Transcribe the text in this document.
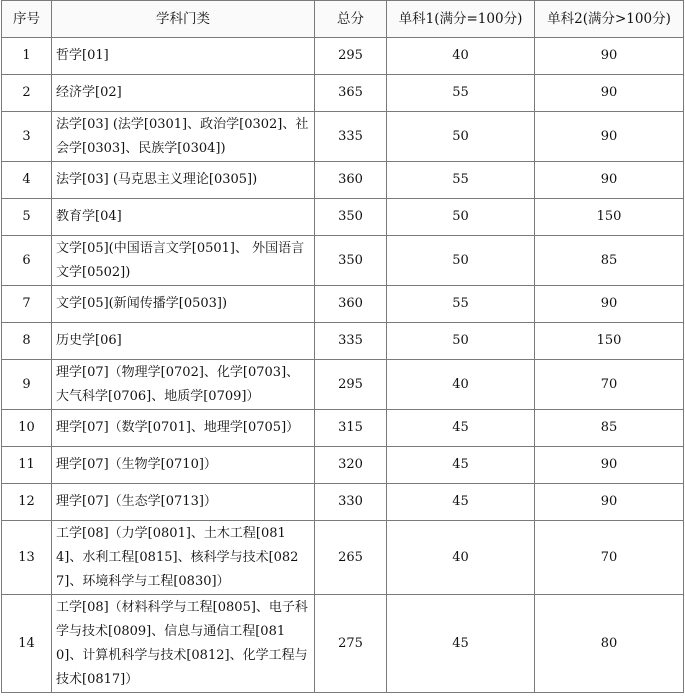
序号	学科门类	总分	单科1(满分=100分)	单科2(满分>100分)
1	哲学[01]	295	40	90
2	经济学[02]	365	55	90
3	法学[03] (法学[0301]、政治学[0302]、社会学[0303]、民族学[0304])	335	50	90
4	法学[03] (马克思主义理论[0305])	360	55	90
5	教育学[04]	350	50	150
6	文学[05](中国语言文学[0501]、 外国语言文学[0502])	350	50	85
7	文学[05](新闻传播学[0503])	360	55	90
8	历史学[06]	335	50	150
9	理学[07]（物理学[0702]、化学[0703]、大气科学[0706]、地质学[0709]）	295	40	70
10	理学[07]（数学[0701]、地理学[0705]）	315	45	85
11	理学[07]（生物学[0710]）	320	45	90
12	理学[07]（生态学[0713]）	330	45	90
13	工学[08]（力学[0801]、土木工程[0814]、水利工程[0815]、核科学与技术[0827]、环境科学与工程[0830]）	265	40	70
14	工学[08]（材料科学与工程[0805]、电子科学与技术[0809]、信息与通信工程[0810]、计算机科学与技术[0812]、化学工程与技术[0817]）	275	45	80
